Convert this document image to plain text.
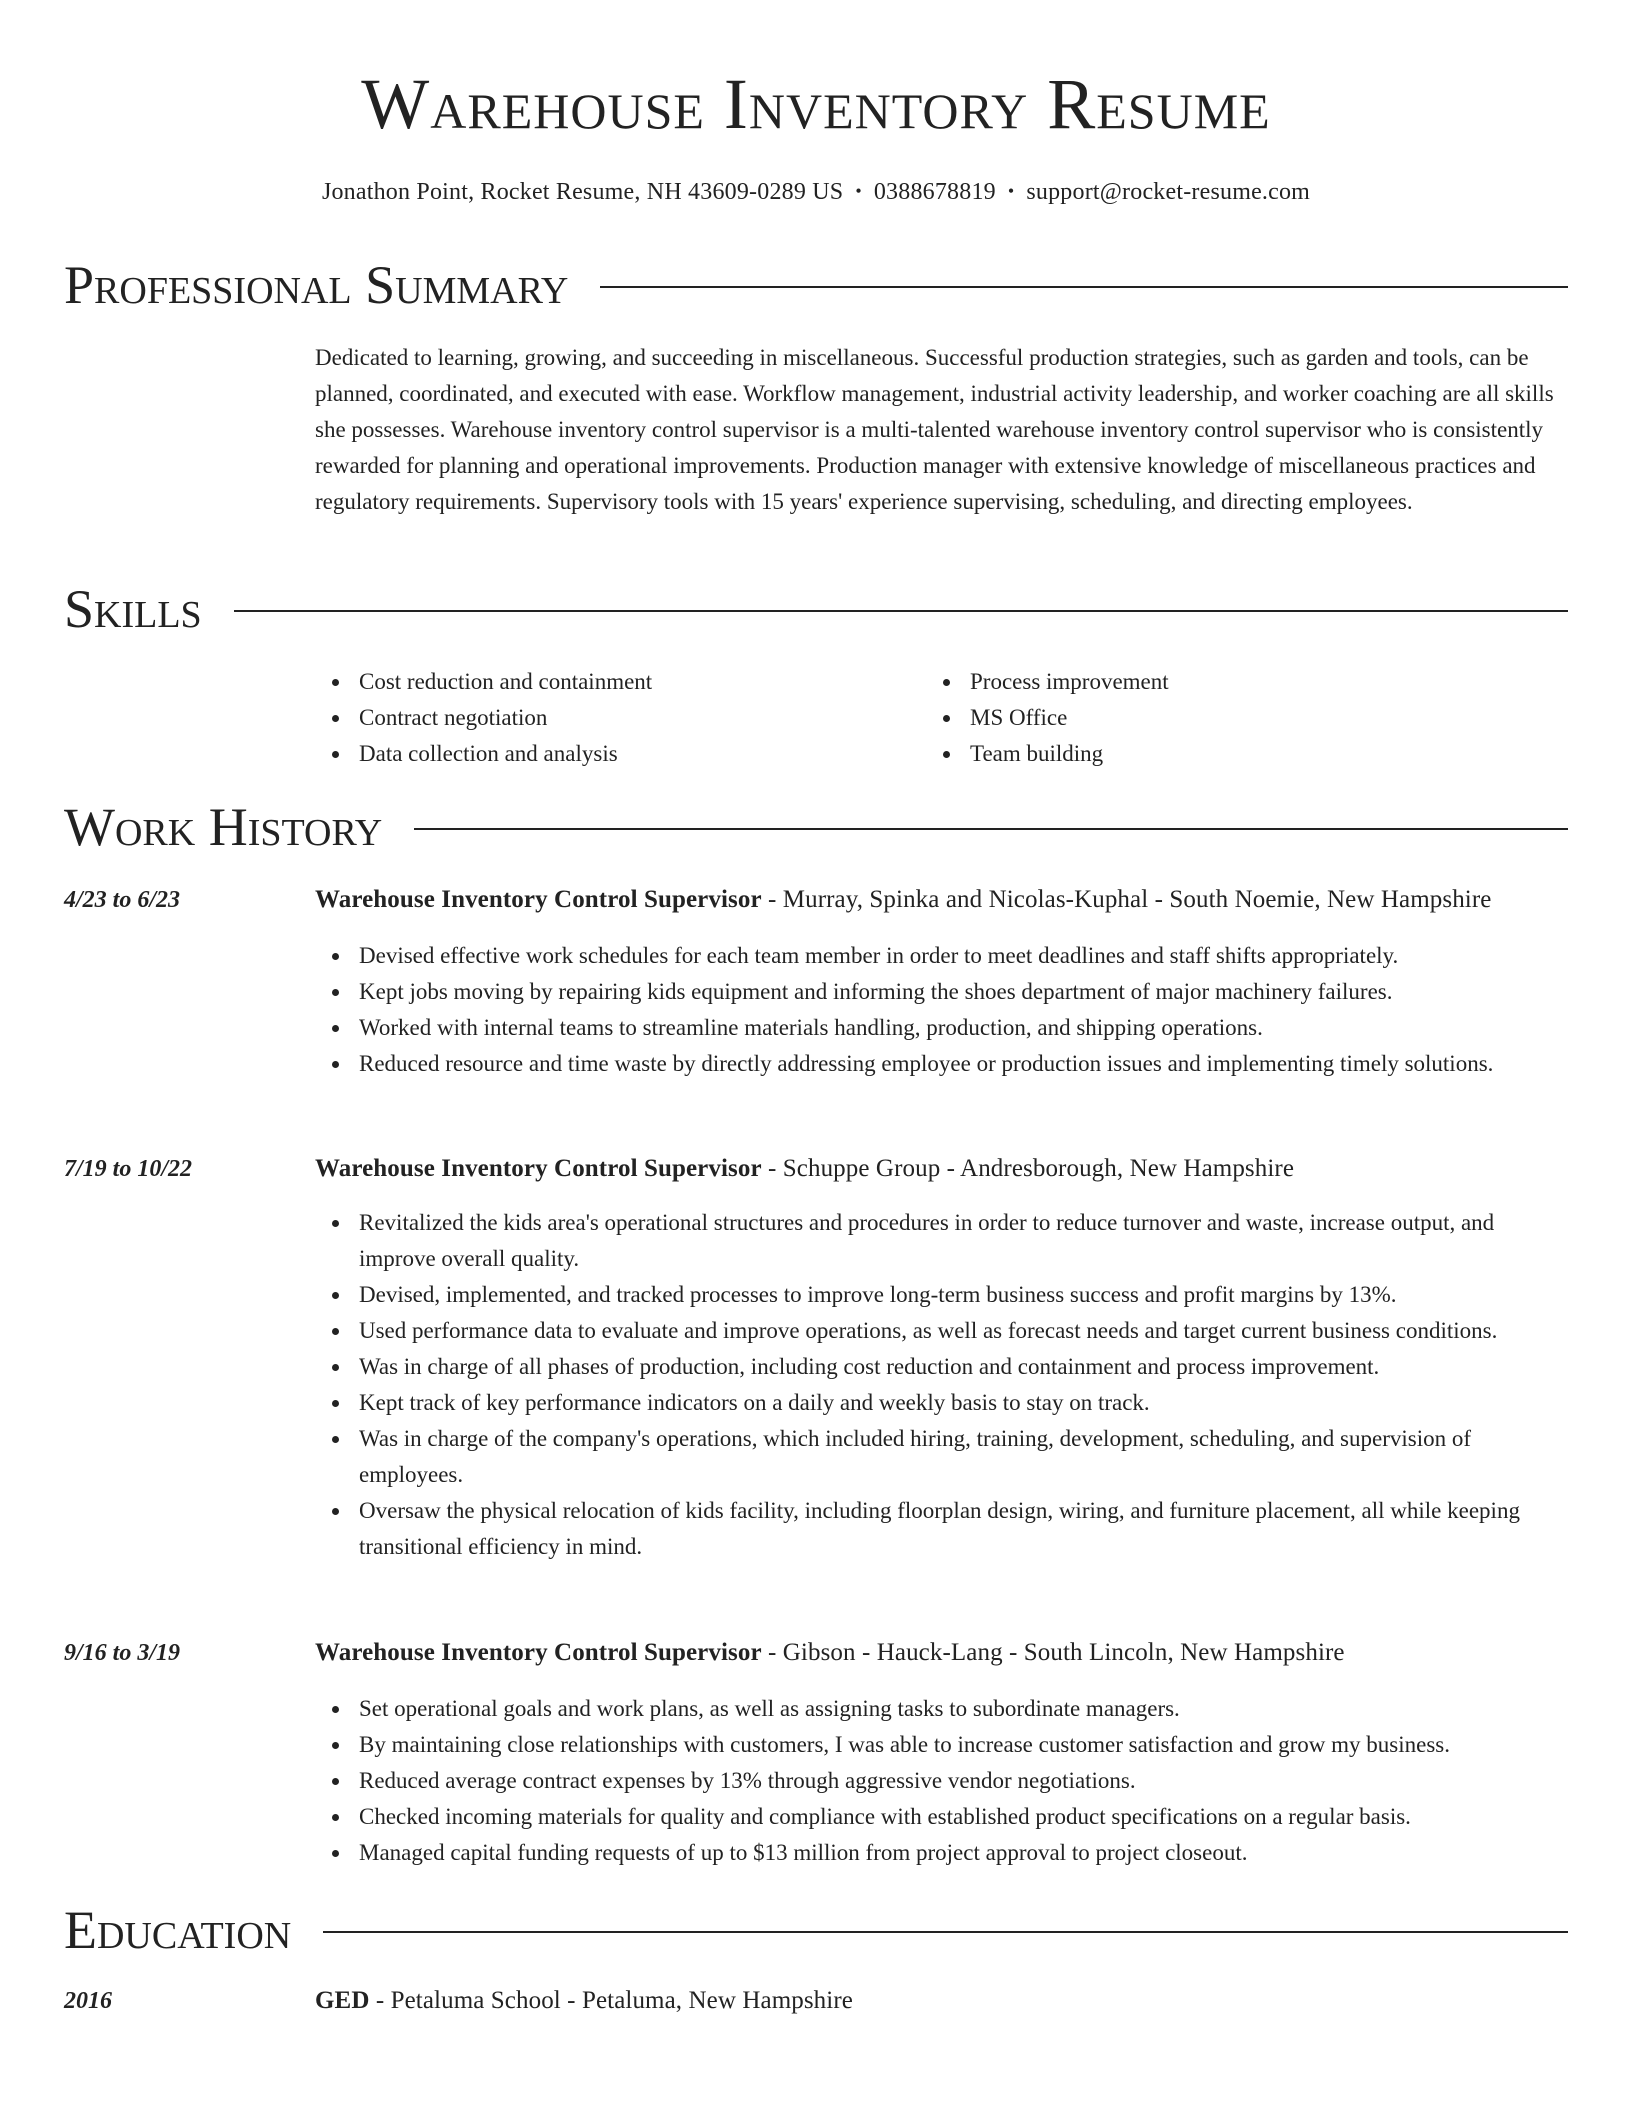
Warehouse Inventory Resume
Jonathon Point, Rocket Resume, NH 43609-0289 US • 0388678819 • support@rocket-resume.com
Professional Summary

Dedicated to learning, growing, and succeeding in miscellaneous. Successful production strategies, such as garden and tools, can be planned, coordinated, and executed with ease. Workflow management, industrial activity leadership, and worker coaching are all skills she possesses. Warehouse inventory control supervisor is a multi-talented warehouse inventory control supervisor who is consistently rewarded for planning and operational improvements. Production manager with extensive knowledge of miscellaneous practices and regulatory requirements. Supervisory tools with 15 years' experience supervising, scheduling, and directing employees.

Skills
Cost reduction and containment
Contract negotiation
Data collection and analysis
Process improvement
MS Office
Team building
Work History
4/23 to 6/23	Warehouse Inventory Control Supervisor - Murray, Spinka and Nicolas-Kuphal - South Noemie, New Hampshire
Devised effective work schedules for each team member in order to meet deadlines and staff shifts appropriately.
Kept jobs moving by repairing kids equipment and informing the shoes department of major machinery failures.
Worked with internal teams to streamline materials handling, production, and shipping operations.
Reduced resource and time waste by directly addressing employee or production issues and implementing timely solutions.
7/19 to 10/22	Warehouse Inventory Control Supervisor - Schuppe Group - Andresborough, New Hampshire
Revitalized the kids area's operational structures and procedures in order to reduce turnover and waste, increase output, and improve overall quality.
Devised, implemented, and tracked processes to improve long-term business success and profit margins by 13%.
Used performance data to evaluate and improve operations, as well as forecast needs and target current business conditions.
Was in charge of all phases of production, including cost reduction and containment and process improvement.
Kept track of key performance indicators on a daily and weekly basis to stay on track.
Was in charge of the company's operations, which included hiring, training, development, scheduling, and supervision of employees.
Oversaw the physical relocation of kids facility, including floorplan design, wiring, and furniture placement, all while keeping transitional efficiency in mind.
9/16 to 3/19	Warehouse Inventory Control Supervisor - Gibson - Hauck-Lang - South Lincoln, New Hampshire
Set operational goals and work plans, as well as assigning tasks to subordinate managers.
By maintaining close relationships with customers, I was able to increase customer satisfaction and grow my business.
Reduced average contract expenses by 13% through aggressive vendor negotiations.
Checked incoming materials for quality and compliance with established product specifications on a regular basis.
Managed capital funding requests of up to $13 million from project approval to project closeout.
Education
2016	GED - Petaluma School - Petaluma, New Hampshire
